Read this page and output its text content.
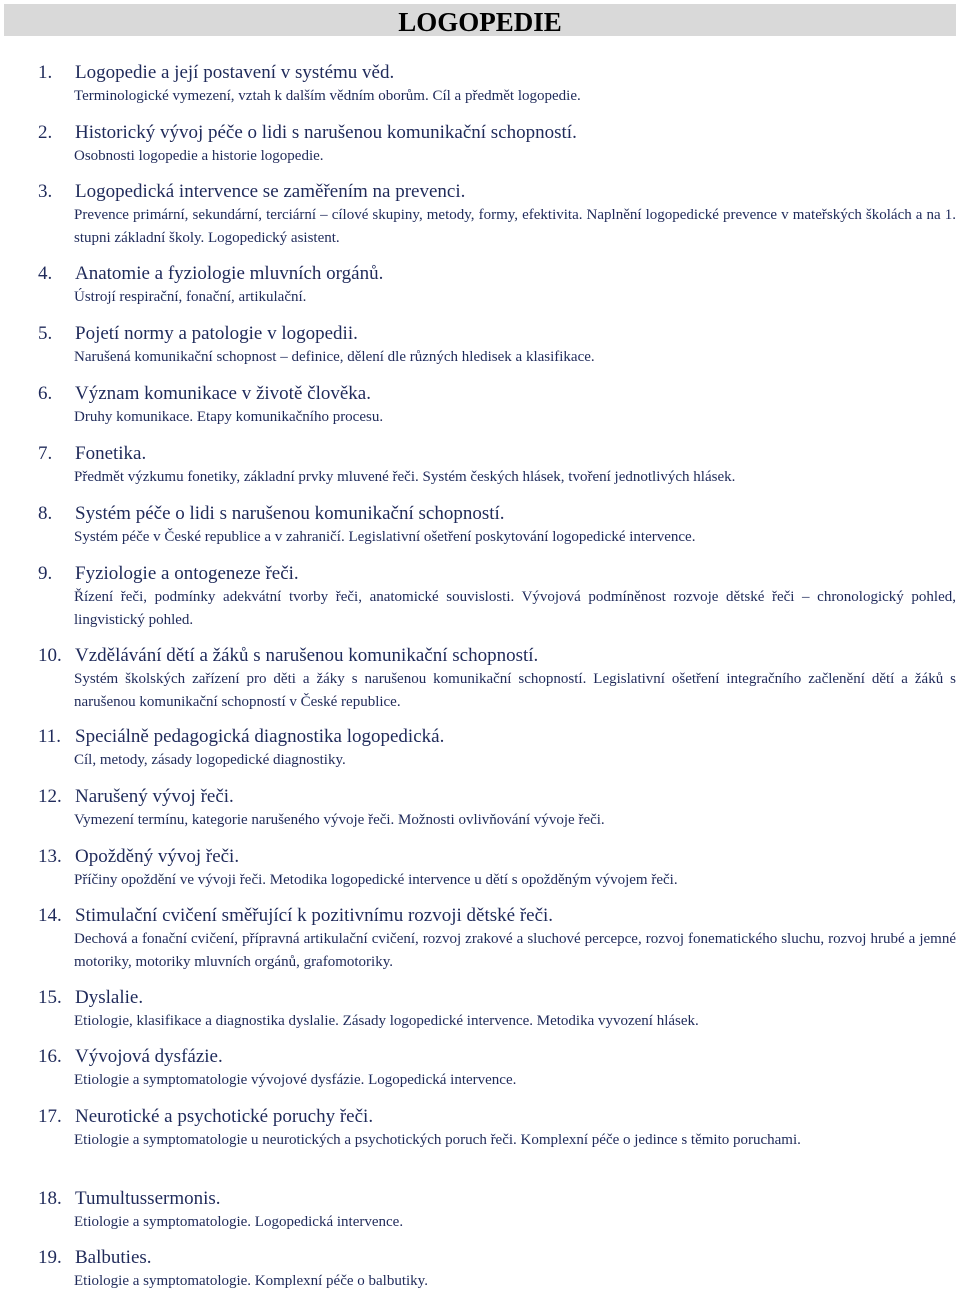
LOGOPEDIE
1. Logopedie a její postavení v systému věd.
Terminologické vymezení, vztah k dalším vědním oborům. Cíl a předmět logopedie.
2. Historický vývoj péče o lidi s narušenou komunikační schopností.
Osobnosti logopedie a historie logopedie.
3. Logopedická intervence se zaměřením na prevenci.
Prevence primární, sekundární, terciární – cílové skupiny, metody, formy, efektivita. Naplnění logopedické prevence v mateřských školách a na 1. stupni základní školy. Logopedický asistent.
4. Anatomie a fyziologie mluvních orgánů.
Ústrojí respirační, fonační, artikulační.
5. Pojetí normy a patologie v logopedii.
Narušená komunikační schopnost – definice, dělení dle různých hledisek a klasifikace.
6. Význam komunikace v životě člověka.
Druhy komunikace. Etapy komunikačního procesu.
7. Fonetika.
Předmět výzkumu fonetiky, základní prvky mluvené řeči. Systém českých hlásek, tvoření jednotlivých hlásek.
8. Systém péče o lidi s narušenou komunikační schopností.
Systém péče v České republice a v zahraničí. Legislativní ošetření poskytování logopedické intervence.
9. Fyziologie a ontogeneze řeči.
Řízení řeči, podmínky adekvátní tvorby řeči, anatomické souvislosti. Vývojová podmíněnost rozvoje dětské řeči – chronologický pohled, lingvistický pohled.
10. Vzdělávání dětí a žáků s narušenou komunikační schopností.
Systém školských zařízení pro děti a žáky s narušenou komunikační schopností. Legislativní ošetření integračního začlenění dětí a žáků s narušenou komunikační schopností v České republice.
11. Speciálně pedagogická diagnostika logopedická.
Cíl, metody, zásady logopedické diagnostiky.
12. Narušený vývoj řeči.
Vymezení termínu, kategorie narušeného vývoje řeči. Možnosti ovlivňování vývoje řeči.
13. Opožděný vývoj řeči.
Příčiny opoždění ve vývoji řeči. Metodika logopedické intervence u dětí s opožděným vývojem řeči.
14. Stimulační cvičení směřující k pozitivnímu rozvoji dětské řeči.
Dechová a fonační cvičení, přípravná artikulační cvičení, rozvoj zrakové a sluchové percepce, rozvoj fonematického sluchu, rozvoj hrubé a jemné motoriky, motoriky mluvních orgánů, grafomotoriky.
15. Dyslalie.
Etiologie, klasifikace a diagnostika dyslalie. Zásady logopedické intervence. Metodika vyvození hlásek.
16. Vývojová dysfázie.
Etiologie a symptomatologie vývojové dysfázie. Logopedická intervence.
17. Neurotické a psychotické poruchy řeči.
Etiologie a symptomatologie u neurotických a psychotických poruch řeči. Komplexní péče o jedince s těmito poruchami.
18. Tumultussermonis.
Etiologie a symptomatologie. Logopedická intervence.
19. Balbuties.
Etiologie a symptomatologie. Komplexní péče o balbutiky.
